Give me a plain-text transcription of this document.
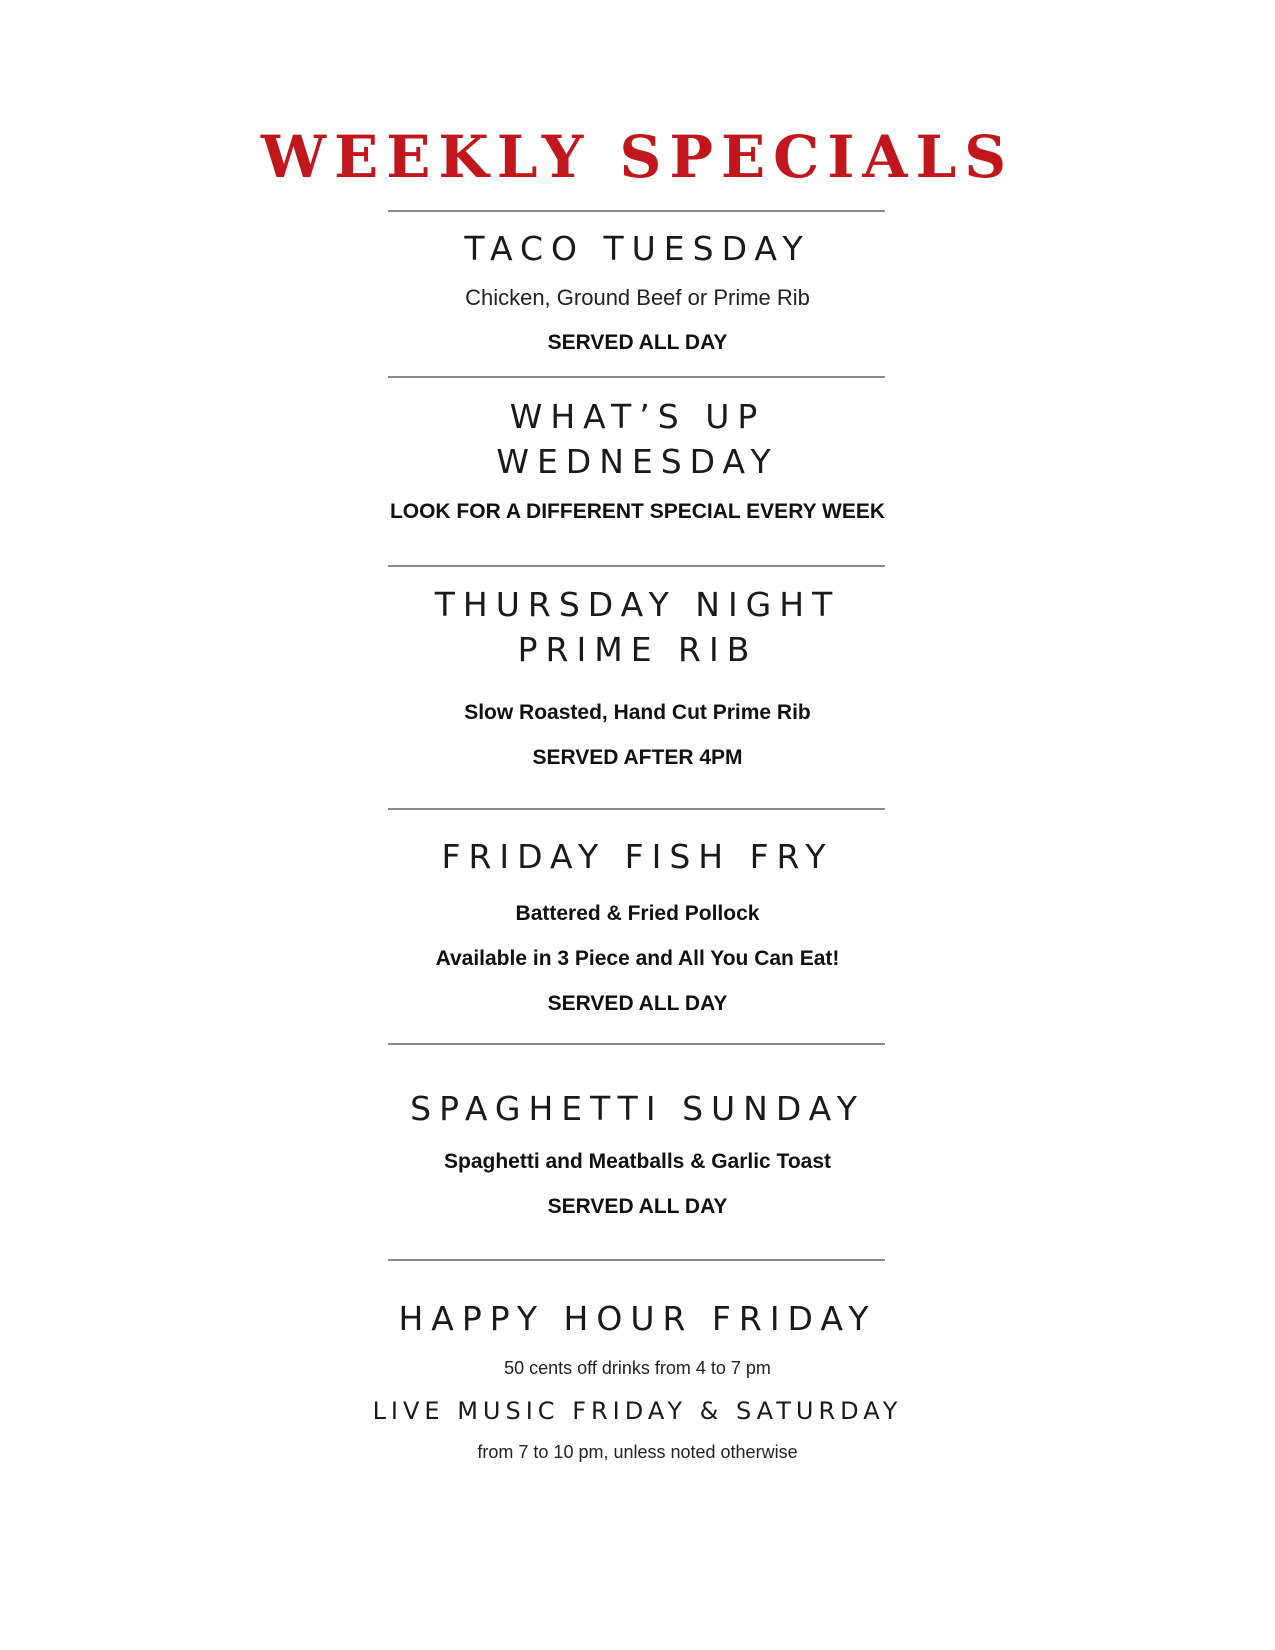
WEEKLY SPECIALS
TACO TUESDAY
Chicken, Ground Beef or Prime Rib
SERVED ALL DAY
WHAT’S UP
WEDNESDAY
LOOK FOR A DIFFERENT SPECIAL EVERY WEEK
THURSDAY NIGHT
PRIME RIB
Slow Roasted, Hand Cut Prime Rib
SERVED AFTER 4PM
FRIDAY FISH FRY
Battered & Fried Pollock
Available in 3 Piece and All You Can Eat!
SERVED ALL DAY
SPAGHETTI SUNDAY
Spaghetti and Meatballs & Garlic Toast
SERVED ALL DAY
HAPPY HOUR FRIDAY
50 cents off drinks from 4 to 7 pm
LIVE MUSIC FRIDAY & SATURDAY
from 7 to 10 pm, unless noted otherwise
